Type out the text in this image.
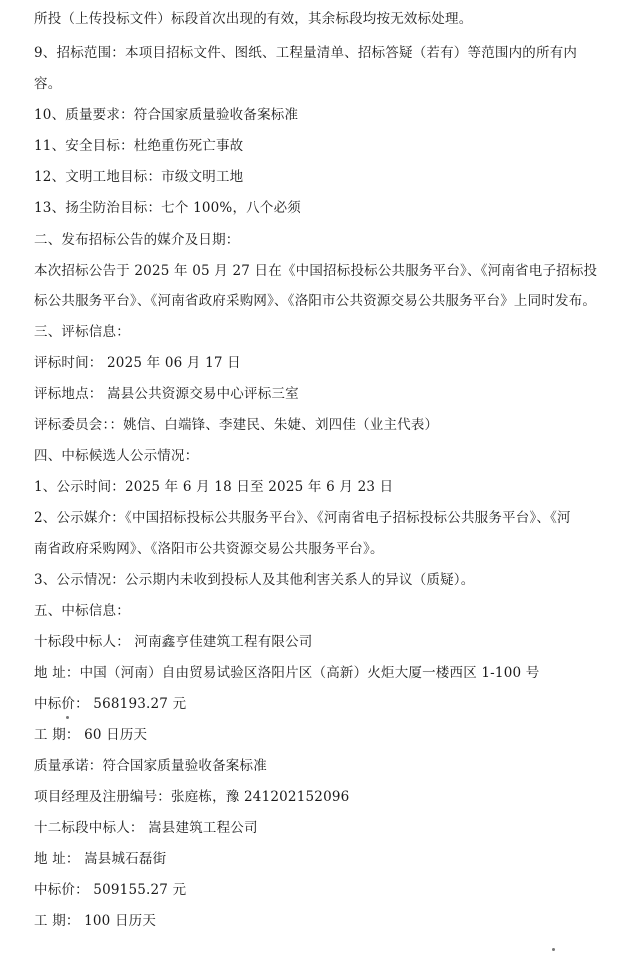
所投（上传投标文件）标段首次出现的有效，其余标段均按无效标处理。
9、招标范围：本项目招标文件、图纸、工程量清单、招标答疑（若有）等范围内的所有内
容。
10、质量要求：符合国家质量验收备案标准
11、安全目标：杜绝重伤死亡事故
12、文明工地目标：市级文明工地
13、扬尘防治目标：七个 100%，八个必须
二、发布招标公告的媒介及日期：
本次招标公告于 2025 年 05 月 27 日在《中国招标投标公共服务平台》、《河南省电子招标投
标公共服务平台》、《河南省政府采购网》、《洛阳市公共资源交易公共服务平台》上同时发布。
三、评标信息：
评标时间： 2025 年 06 月 17 日
评标地点： 嵩县公共资源交易中心评标三室
评标委员会：：姚信、白端锋、李建民、朱婕、刘四佳（业主代表）
四、中标候选人公示情况：
1、公示时间：2025 年 6 月 18 日至 2025 年 6 月 23 日
2、公示媒介：《中国招标投标公共服务平台》、《河南省电子招标投标公共服务平台》、《河
南省政府采购网》、《洛阳市公共资源交易公共服务平台》。
3、公示情况：公示期内未收到投标人及其他利害关系人的异议（质疑）。
五、中标信息：
十标段中标人： 河南鑫亨佳建筑工程有限公司
地 址：中国（河南）自由贸易试验区洛阳片区（高新）火炬大厦一楼西区 1-100 号
中标价： 568193.27 元
工 期： 60 日历天
质量承诺：符合国家质量验收备案标准
项目经理及注册编号：张庭栋，豫 241202152096
十二标段中标人： 嵩县建筑工程公司
地 址： 嵩县城石磊街
中标价： 509155.27 元
工 期： 100 日历天
